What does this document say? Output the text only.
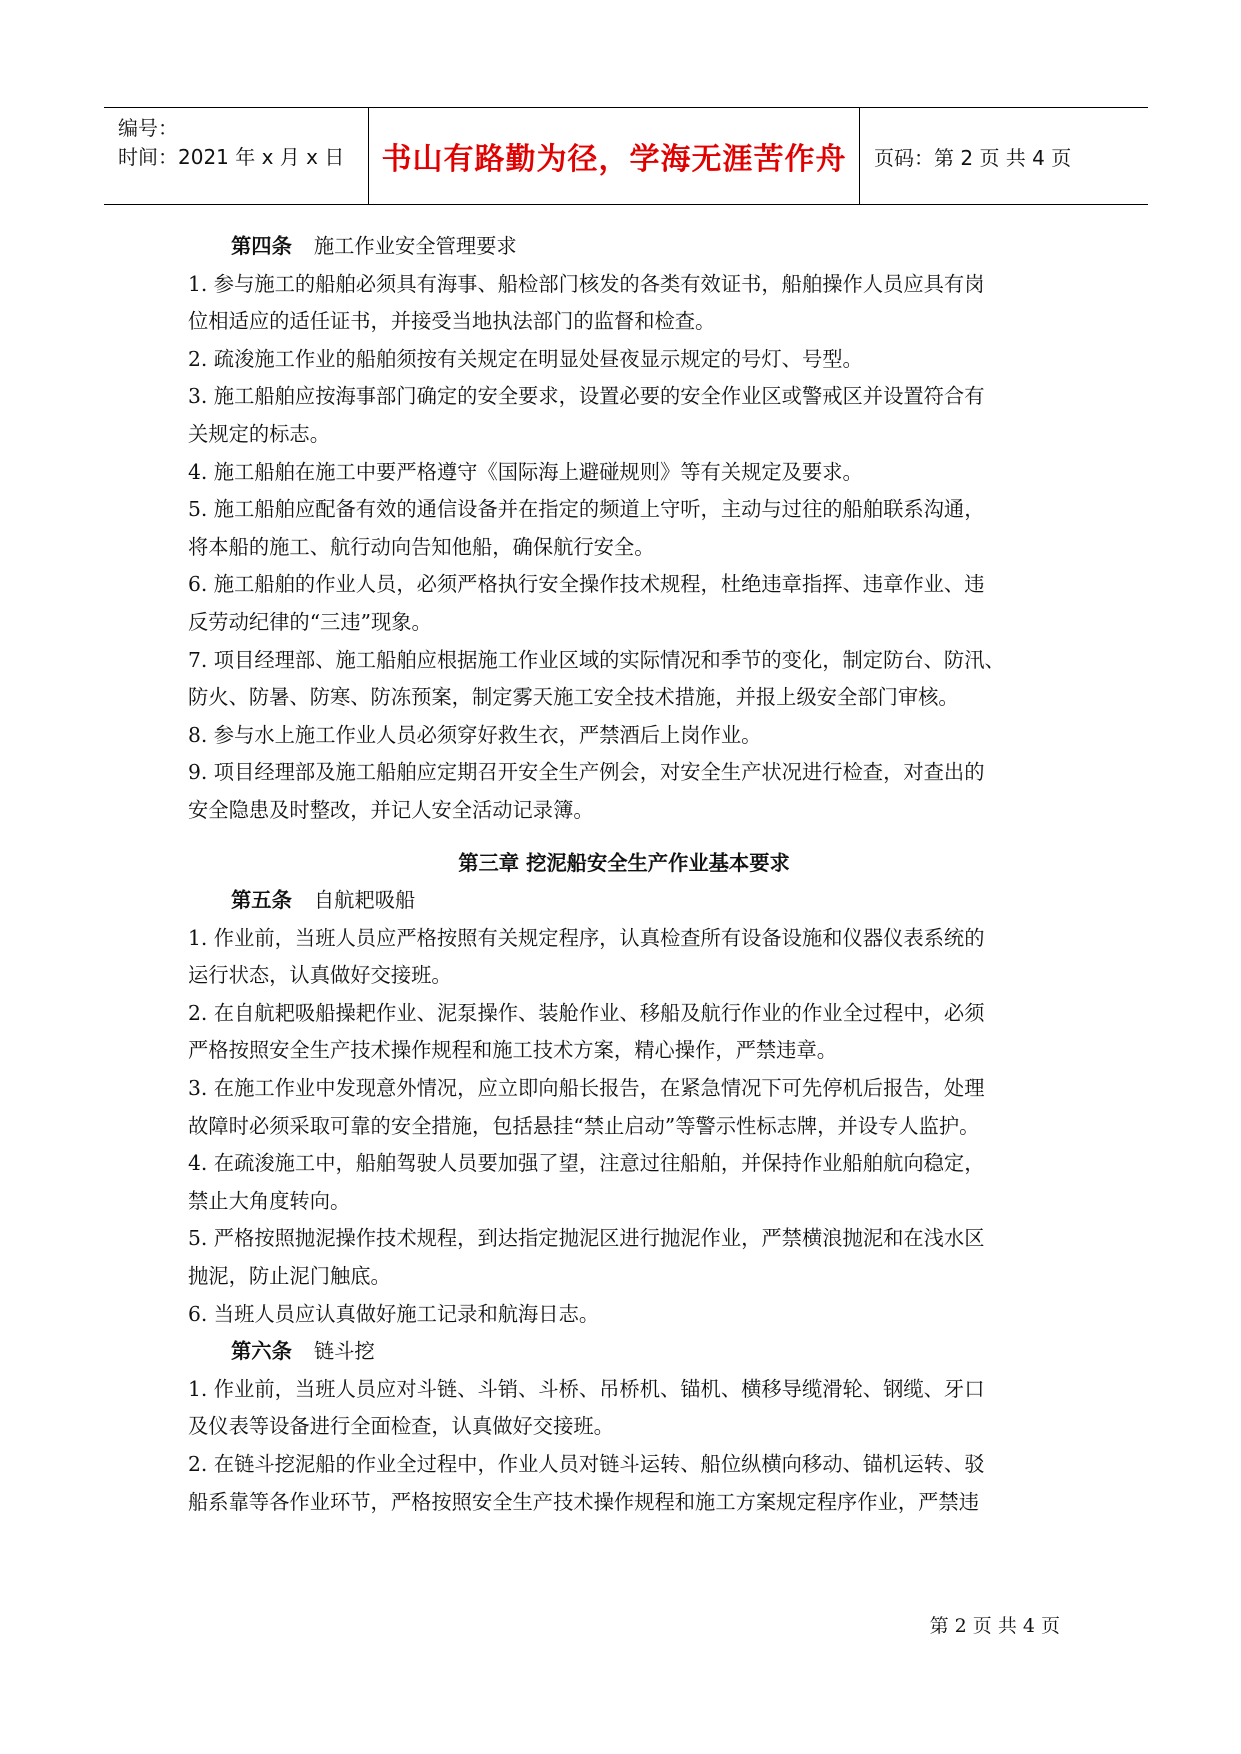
编号：
时间：2021 年 x 月 x 日	书山有路勤为径，学海无涯苦作舟	页码：第 2 页 共 4 页
第四条 施工作业安全管理要求
1. 参与施工的船舶必须具有海事、船检部门核发的各类有效证书，船舶操作人员应具有岗
位相适应的适任证书，并接受当地执法部门的监督和检查。
2. 疏浚施工作业的船舶须按有关规定在明显处昼夜显示规定的号灯、号型。
3. 施工船舶应按海事部门确定的安全要求，设置必要的安全作业区或警戒区并设置符合有
关规定的标志。
4. 施工船舶在施工中要严格遵守《国际海上避碰规则》等有关规定及要求。
5. 施工船舶应配备有效的通信设备并在指定的频道上守听，主动与过往的船舶联系沟通，
将本船的施工、航行动向告知他船，确保航行安全。
6. 施工船舶的作业人员，必须严格执行安全操作技术规程，杜绝违章指挥、违章作业、违
反劳动纪律的“三违”现象。
7. 项目经理部、施工船舶应根据施工作业区域的实际情况和季节的变化，制定防台、防汛、
防火、防暑、防寒、防冻预案，制定雾天施工安全技术措施，并报上级安全部门审核。
8. 参与水上施工作业人员必须穿好救生衣，严禁酒后上岗作业。
9. 项目经理部及施工船舶应定期召开安全生产例会，对安全生产状况进行检查，对查出的
安全隐患及时整改，并记人安全活动记录簿。
第三章 挖泥船安全生产作业基本要求
第五条 自航耙吸船
1. 作业前，当班人员应严格按照有关规定程序，认真检查所有设备设施和仪器仪表系统的
运行状态，认真做好交接班。
2. 在自航耙吸船操耙作业、泥泵操作、装舱作业、移船及航行作业的作业全过程中，必须
严格按照安全生产技术操作规程和施工技术方案，精心操作，严禁违章。
3. 在施工作业中发现意外情况，应立即向船长报告，在紧急情况下可先停机后报告，处理
故障时必须采取可靠的安全措施，包括悬挂“禁止启动”等警示性标志牌，并设专人监护。
4. 在疏浚施工中，船舶驾驶人员要加强了望，注意过往船舶，并保持作业船舶航向稳定，
禁止大角度转向。
5. 严格按照抛泥操作技术规程，到达指定抛泥区进行抛泥作业，严禁横浪抛泥和在浅水区
抛泥，防止泥门触底。
6. 当班人员应认真做好施工记录和航海日志。
第六条 链斗挖
1. 作业前，当班人员应对斗链、斗销、斗桥、吊桥机、锚机、横移导缆滑轮、钢缆、牙口
及仪表等设备进行全面检查，认真做好交接班。
2. 在链斗挖泥船的作业全过程中，作业人员对链斗运转、船位纵横向移动、锚机运转、驳
船系靠等各作业环节，严格按照安全生产技术操作规程和施工方案规定程序作业，严禁违
第 2 页 共 4 页
